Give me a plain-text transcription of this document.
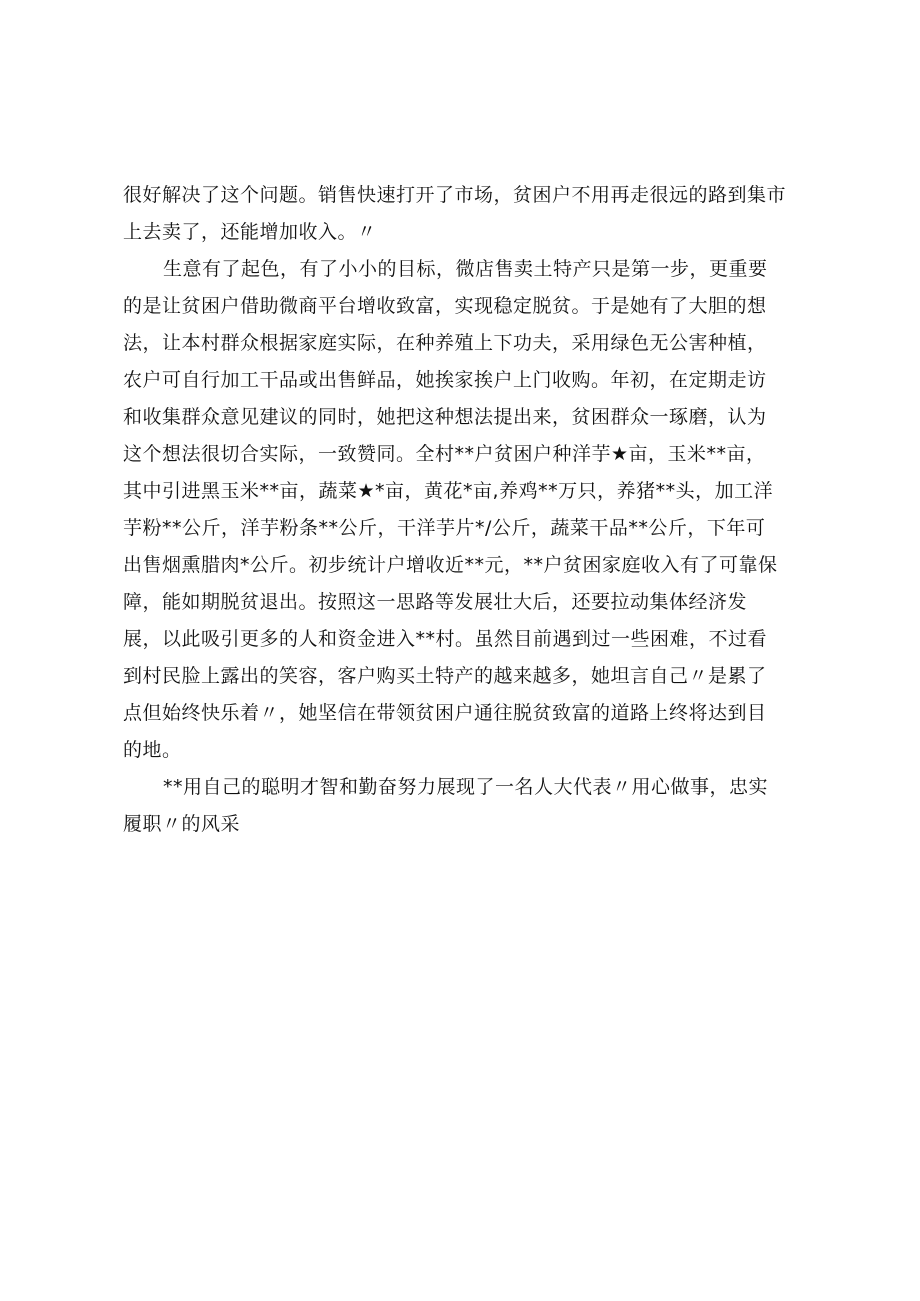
很好解决了这个问题。销售快速打开了市场，贫困户不用再走很远的路到集市
上去卖了，还能增加收入。〃
生意有了起色，有了小小的目标，微店售卖土特产只是第一步，更重要
的是让贫困户借助微商平台增收致富，实现稳定脱贫。于是她有了大胆的想
法，让本村群众根据家庭实际，在种养殖上下功夫，采用绿色无公害种植，
农户可自行加工干品或出售鲜品，她挨家挨户上门收购。年初，在定期走访
和收集群众意见建议的同时，她把这种想法提出来，贫困群众一琢磨，认为
这个想法很切合实际，一致赞同。全村**户贫困户种洋芋★亩，玉米**亩，
其中引进黑玉米**亩，蔬菜★*亩，黄花*亩,养鸡**万只，养猪**头，加工洋
芋粉**公斤，洋芋粉条**公斤，干洋芋片*/公斤，蔬菜干品**公斤，下年可
出售烟熏腊肉*公斤。初步统计户增收近**元，**户贫困家庭收入有了可靠保
障，能如期脱贫退出。按照这一思路等发展壮大后，还要拉动集体经济发
展，以此吸引更多的人和资金进入**村。虽然目前遇到过一些困难，不过看
到村民脸上露出的笑容，客户购买土特产的越来越多，她坦言自己〃是累了
点但始终快乐着〃，她坚信在带领贫困户通往脱贫致富的道路上终将达到目
的地。
**用自己的聪明才智和勤奋努力展现了一名人大代表〃用心做事，忠实
履职〃的风采
